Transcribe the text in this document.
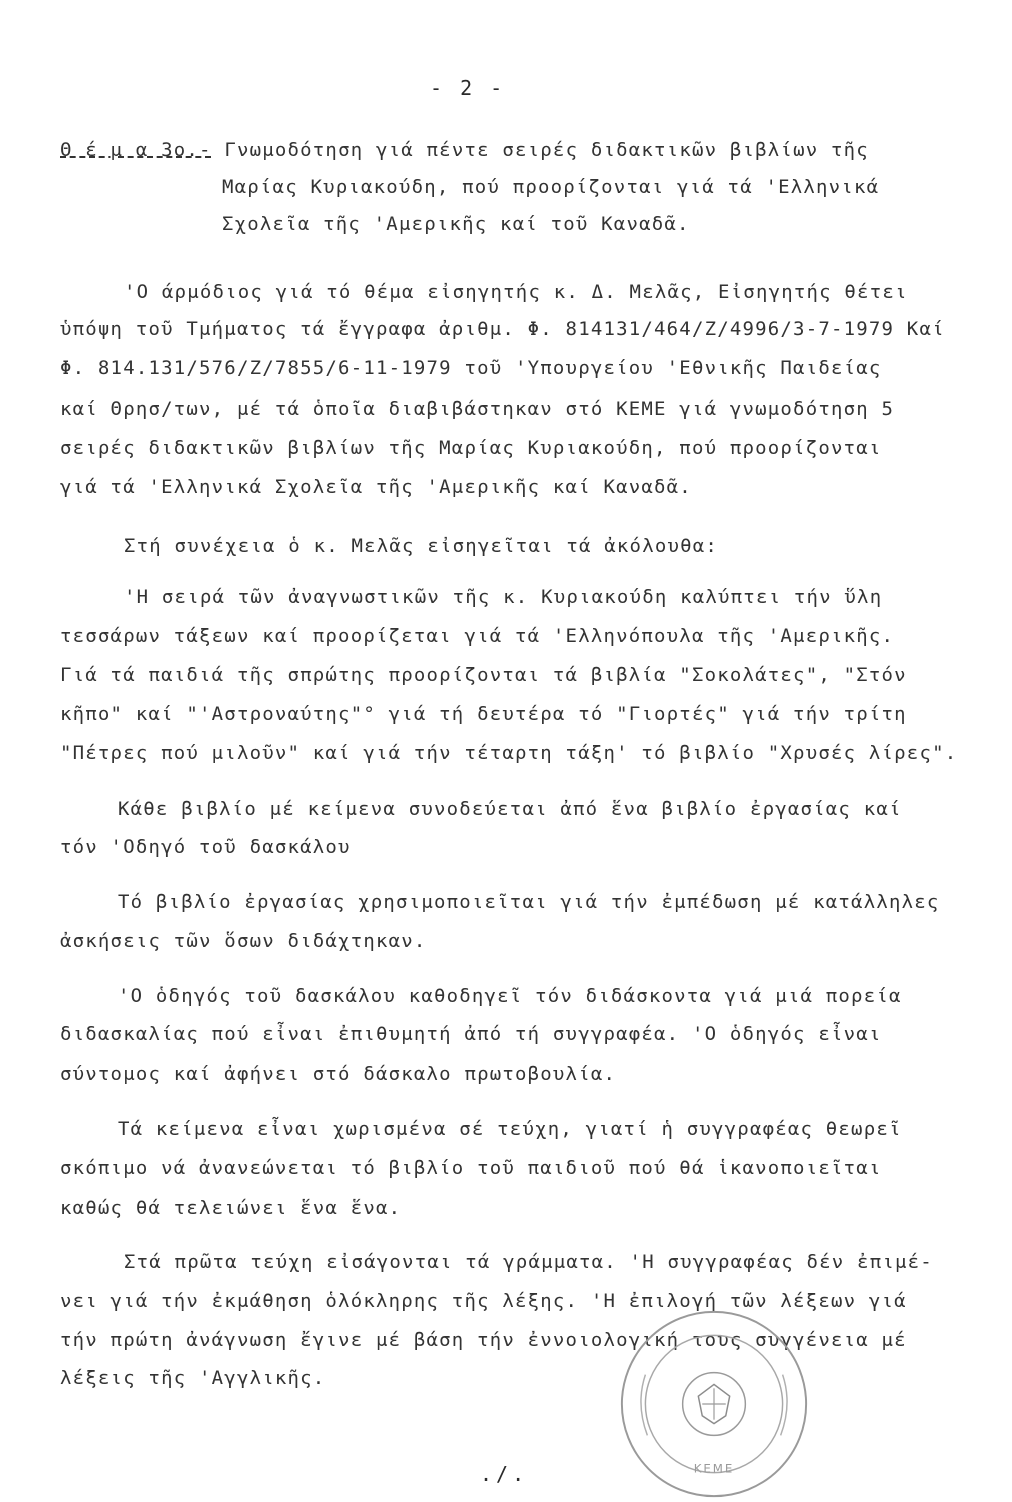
- 2 -
Θ έ μ α 3ο.- Γνωμοδότηση γιά πέντε σειρές διδακτικῶν βιβλίων τῆς
Μαρίας Κυριακούδη, πού προορίζονται γιά τά 'Ελληνικά
Σχολεῖα τῆς 'Αμερικῆς καί τοῦ Καναδᾶ.
'Ο άρμόδιος γιά τό θέμα εἰσηγητής κ. Δ. Μελᾶς, Εἰσηγητής θέτει
ὑπόψη τοῦ Τμήματος τά ἔγγραφα ἀριθμ. Φ. 814131/464/Z/4996/3-7-1979 Καί
Φ. 814.131/576/Z/7855/6-11-1979 τοῦ 'Υπουργείου 'Εθνικῆς Παιδείας
καί Θρησ/των, μέ τά ὁποῖα διαβιβάστηκαν στό ΚΕΜΕ γιά γνωμοδότηση 5
σειρές διδακτικῶν βιβλίων τῆς Μαρίας Κυριακούδη, πού προορίζονται
γιά τά 'Ελληνικά Σχολεῖα τῆς 'Αμερικῆς καί Καναδᾶ.
Στή συνέχεια ὁ κ. Μελᾶς εἰσηγεῖται τά ἀκόλουθα:
'Η σειρά τῶν ἀναγνωστικῶν τῆς κ. Κυριακούδη καλύπτει τήν ὕλη
τεσσάρων τάξεων καί προορίζεται γιά τά 'Ελληνόπουλα τῆς 'Αμερικῆς.
Γιά τά παιδιά τῆς σπρώτης προορίζονται τά βιβλία "Σοκολάτες", "Στόν
κῆπο" καί "'Αστροναύτης"° γιά τή δευτέρα τό "Γιορτές" γιά τήν τρίτη
"Πέτρες πού μιλοῦν" καί γιά τήν τέταρτη τάξη' τό βιβλίο "Χρυσές λίρες".
Κάθε βιβλίο μέ κείμενα συνοδεύεται ἀπό ἕνα βιβλίο ἐργασίας καί
τόν 'Οδηγό τοῦ δασκάλου
Τό βιβλίο ἐργασίας χρησιμοποιεῖται γιά τήν ἐμπέδωση μέ κατάλληλες
ἀσκήσεις τῶν ὅσων διδάχτηκαν.
'Ο ὁδηγός τοῦ δασκάλου καθοδηγεῖ τόν διδάσκοντα γιά μιά πορεία
διδασκαλίας πού εἶναι ἐπιθυμητή ἀπό τή συγγραφέα. 'Ο ὁδηγός εἶναι
σύντομος καί ἀφήνει στό δάσκαλο πρωτοβουλία.
Τά κείμενα εἶναι χωρισμένα σέ τεύχη, γιατί ἡ συγγραφέας θεωρεῖ
σκόπιμο νά ἀνανεώνεται τό βιβλίο τοῦ παιδιοῦ πού θά ἱκανοποιεῖται
καθώς θά τελειώνει ἕνα ἕνα.
Στά πρῶτα τεύχη εἰσάγονται τά γράμματα. 'Η συγγραφέας δέν ἐπιμέ-
νει γιά τήν ἐκμάθηση ὁλόκληρης τῆς λέξης. 'Η ἐπιλογή τῶν λέξεων γιά
τήν πρώτη ἀνάγνωση ἔγινε μέ βάση τήν ἐννοιολογική τους συγγένεια μέ
λέξεις τῆς 'Αγγλικῆς.
ΚΕΜΕ
./.
